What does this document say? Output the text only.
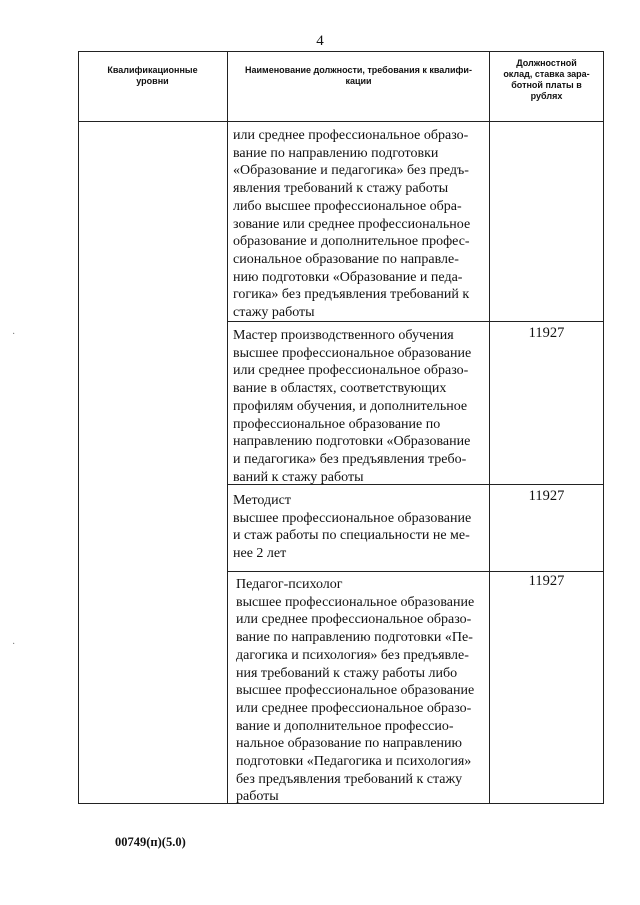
4
Квалификационные
уровни
Наименование должности, требования к квалифи-
кации
Должностной
оклад, ставка зара-
ботной платы в
рублях
или среднее профессиональное образо-
вание по направлению подготовки
«Образование и педагогика» без предъ-
явления требований к стажу работы
либо высшее профессиональное обра-
зование или среднее профессиональное
образование и дополнительное профес-
сиональное образование по направле-
нию подготовки «Образование и педа-
гогика» без предъявления требований к
стажу работы
Мастер производственного обучения
высшее профессиональное образование
или среднее профессиональное образо-
вание в областях, соответствующих
профилям обучения, и дополнительное
профессиональное образование по
направлению подготовки «Образование
и педагогика» без предъявления требо-
ваний к стажу работы
11927
Методист
высшее профессиональное образование
и стаж работы по специальности не ме-
нее 2 лет
11927
Педагог-психолог
высшее профессиональное образование
или среднее профессиональное образо-
вание по направлению подготовки «Пе-
дагогика и психология» без предъявле-
ния требований к стажу работы либо
высшее профессиональное образование
или среднее профессиональное образо-
вание и дополнительное профессио-
нальное образование по направлению
подготовки «Педагогика и психология»
без предъявления требований к стажу
работы
11927
·
·
00749(п)(5.0)
